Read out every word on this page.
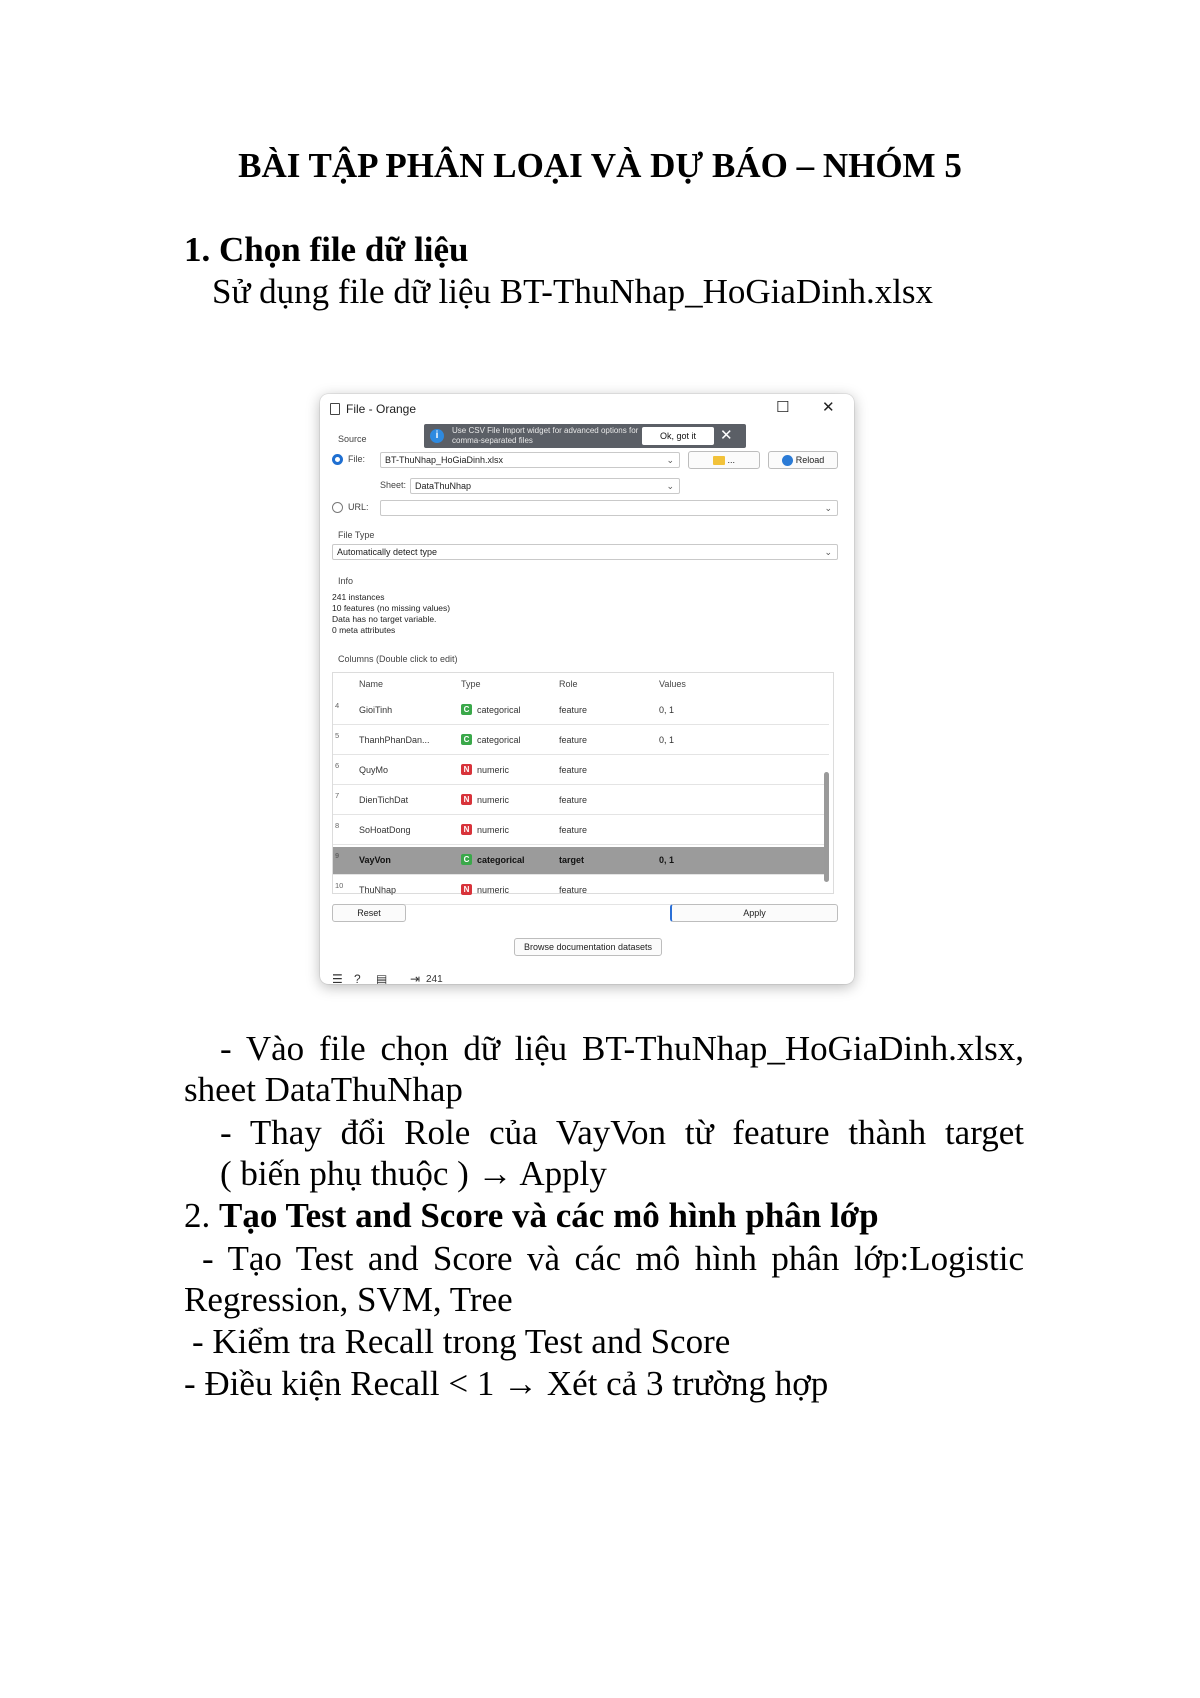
BÀI TẬP PHÂN LOẠI VÀ DỰ BÁO – NHÓM 5
1. Chọn file dữ liệu
Sử dụng file dữ liệu BT-ThuNhap_HoGiaDinh.xlsx
File - Orange	☐ ✕
i	Use CSV File Import widget for advanced options for comma-separated files	Ok, got it	✕
Source
File:	BT-ThuNhap_HoGiaDinh.xlsx	⌄	...	Reload
Sheet: DataThuNhap	⌄
URL:	⌄
File Type
Automatically detect type	⌄
Info
241 instances
10 features (no missing values)
Data has no target variable.
0 meta attributes
Columns (Double click to edit)
Name	Type	Role	Values
4 GioiTinh	C categorical	feature	0, 1
5 ThanhPhanDan...	C categorical	feature	0, 1
6 QuyMo	N numeric	feature
7 DienTichDat	N numeric	feature
8 SoHoatDong	N numeric	feature
9 VayVon	C categorical	target	0, 1
10 ThuNhap	N numeric	feature
Reset	Apply
Browse documentation datasets
☰ ? ▤ ⇥ 241
- Vào file chọn dữ liệu BT-ThuNhap_HoGiaDinh.xlsx,
sheet DataThuNhap
- Thay đổi Role của VayVon từ feature thành target
( biến phụ thuộc ) → Apply
2. Tạo Test and Score và các mô hình phân lớp
- Tạo Test and Score và các mô hình phân lớp:Logistic
Regression, SVM, Tree
- Kiểm tra Recall trong Test and Score
- Điều kiện Recall < 1 → Xét cả 3 trường hợp
